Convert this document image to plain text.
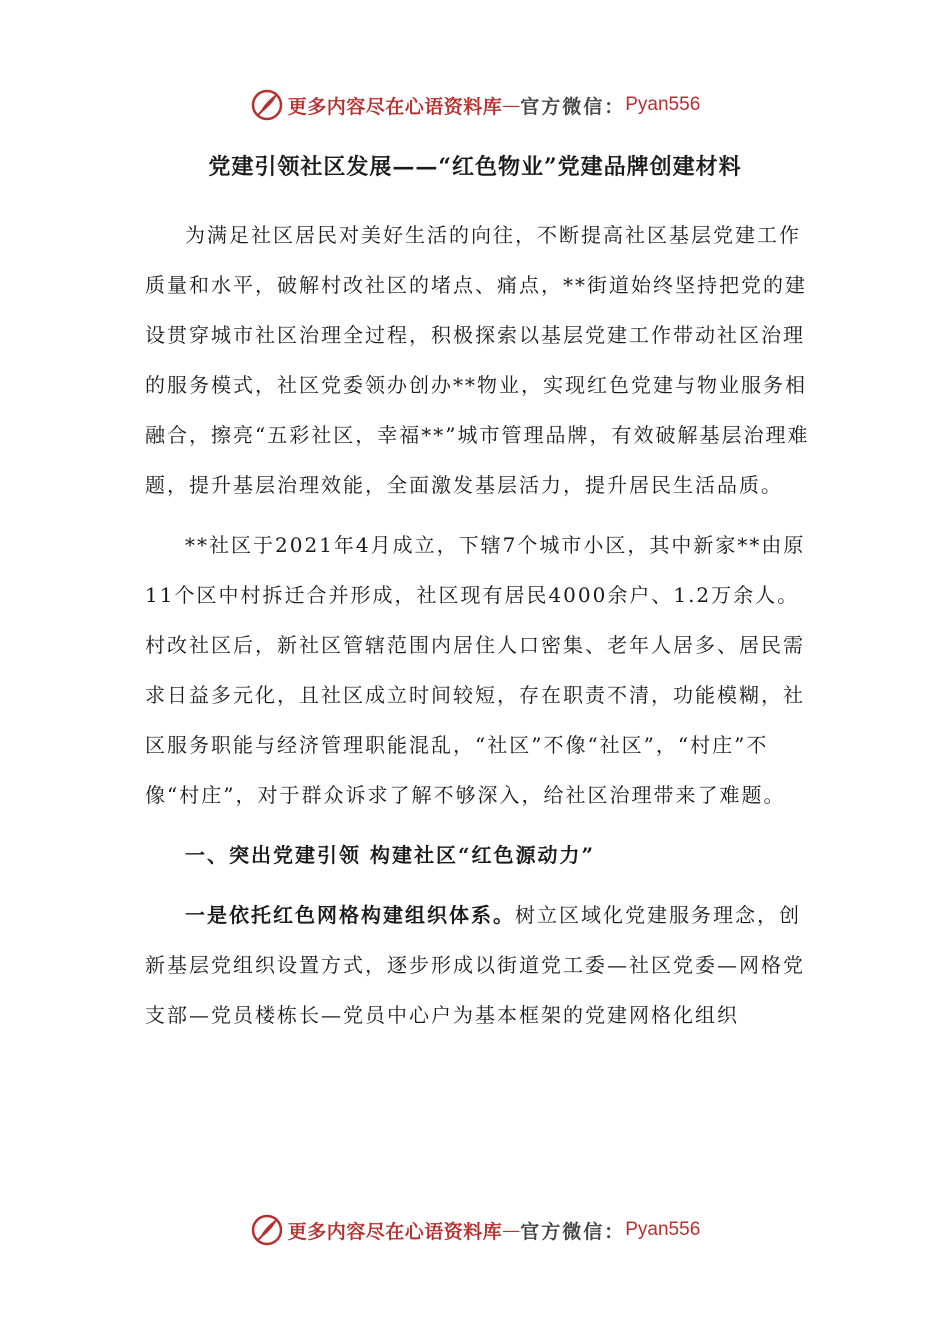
更多内容尽在心语资料库 — 官方微信： Pyan556
党建引领社区发展——“红色物业”党建品牌创建材料

为满足社区居民对美好生活的向往，不断提高社区基层党建工作质量和水平，破解村改社区的堵点、痛点，**街道始终坚持把党的建设贯穿城市社区治理全过程，积极探索以基层党建工作带动社区治理的服务模式，社区党委领办创办**物业，实现红色党建与物业服务相融合，擦亮“五彩社区，幸福**”城市管理品牌，有效破解基层治理难题，提升基层治理效能，全面激发基层活力，提升居民生活品质。

**社区于2021年4月成立，下辖7个城市小区，其中新家**由原11个区中村拆迁合并形成，社区现有居民4000余户、1.2万余人。村改社区后，新社区管辖范围内居住人口密集、老年人居多、居民需求日益多元化，且社区成立时间较短，存在职责不清，功能模糊，社区服务职能与经济管理职能混乱，“社区”不像“社区”，“村庄”不像“村庄”，对于群众诉求了解不够深入，给社区治理带来了难题。

一、突出党建引领 构建社区“红色源动力”

一是依托红色网格构建组织体系。树立区域化党建服务理念，创新基层党组织设置方式，逐步形成以街道党工委—社区党委—网格党支部—党员楼栋长—党员中心户为基本框架的党建网格化组织

更多内容尽在心语资料库 — 官方微信： Pyan556
